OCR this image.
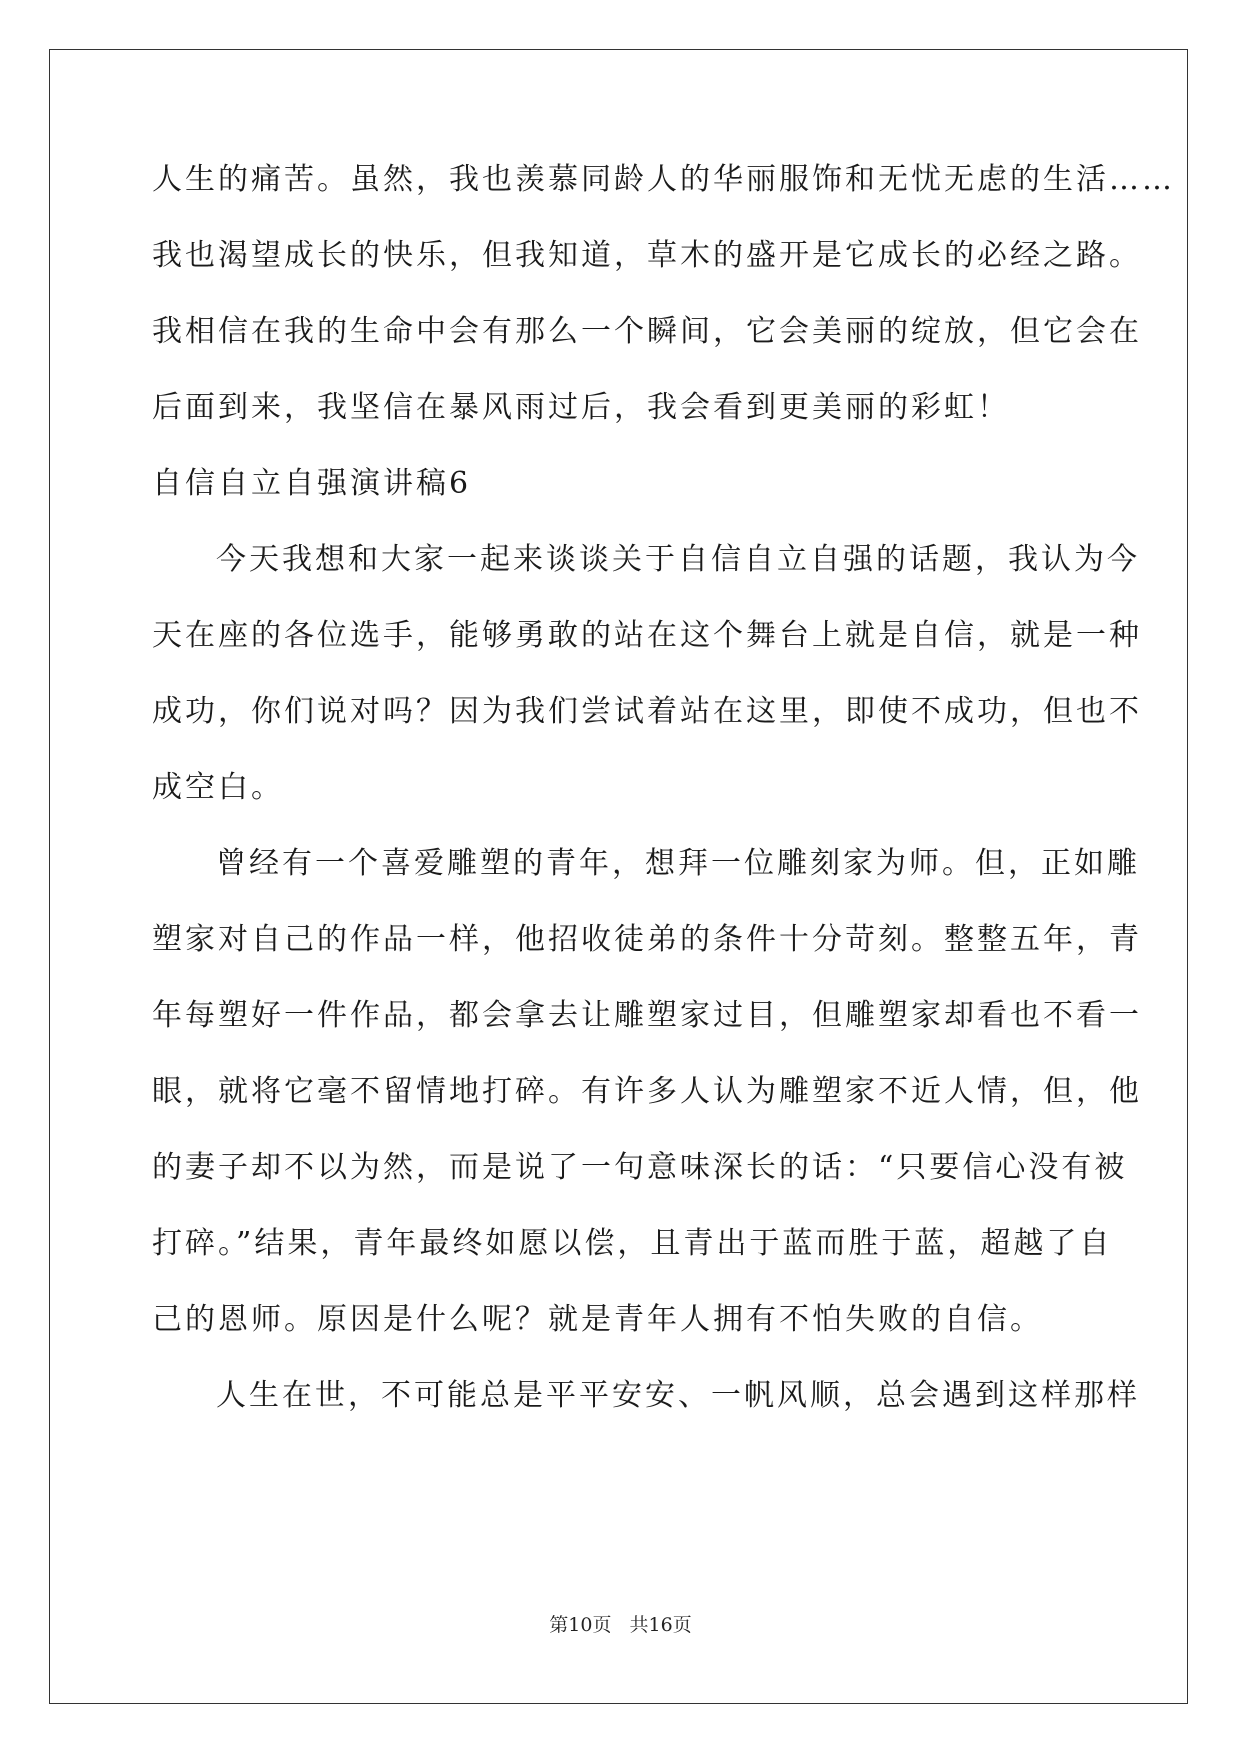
人生的痛苦。虽然，我也羡慕同龄人的华丽服饰和无忧无虑的生活……
我也渴望成长的快乐，但我知道，草木的盛开是它成长的必经之路。
我相信在我的生命中会有那么一个瞬间，它会美丽的绽放，但它会在
后面到来，我坚信在暴风雨过后，我会看到更美丽的彩虹！
自信自立自强演讲稿6
今天我想和大家一起来谈谈关于自信自立自强的话题，我认为今
天在座的各位选手，能够勇敢的站在这个舞台上就是自信，就是一种
成功，你们说对吗？因为我们尝试着站在这里，即使不成功，但也不
成空白。
曾经有一个喜爱雕塑的青年，想拜一位雕刻家为师。但，正如雕
塑家对自己的作品一样，他招收徒弟的条件十分苛刻。整整五年，青
年每塑好一件作品，都会拿去让雕塑家过目，但雕塑家却看也不看一
眼，就将它毫不留情地打碎。有许多人认为雕塑家不近人情，但，他
的妻子却不以为然，而是说了一句意味深长的话：“只要信心没有被
打碎。”结果，青年最终如愿以偿，且青出于蓝而胜于蓝，超越了自
己的恩师。原因是什么呢？就是青年人拥有不怕失败的自信。
人生在世，不可能总是平平安安、一帆风顺，总会遇到这样那样
第10页 共16页
